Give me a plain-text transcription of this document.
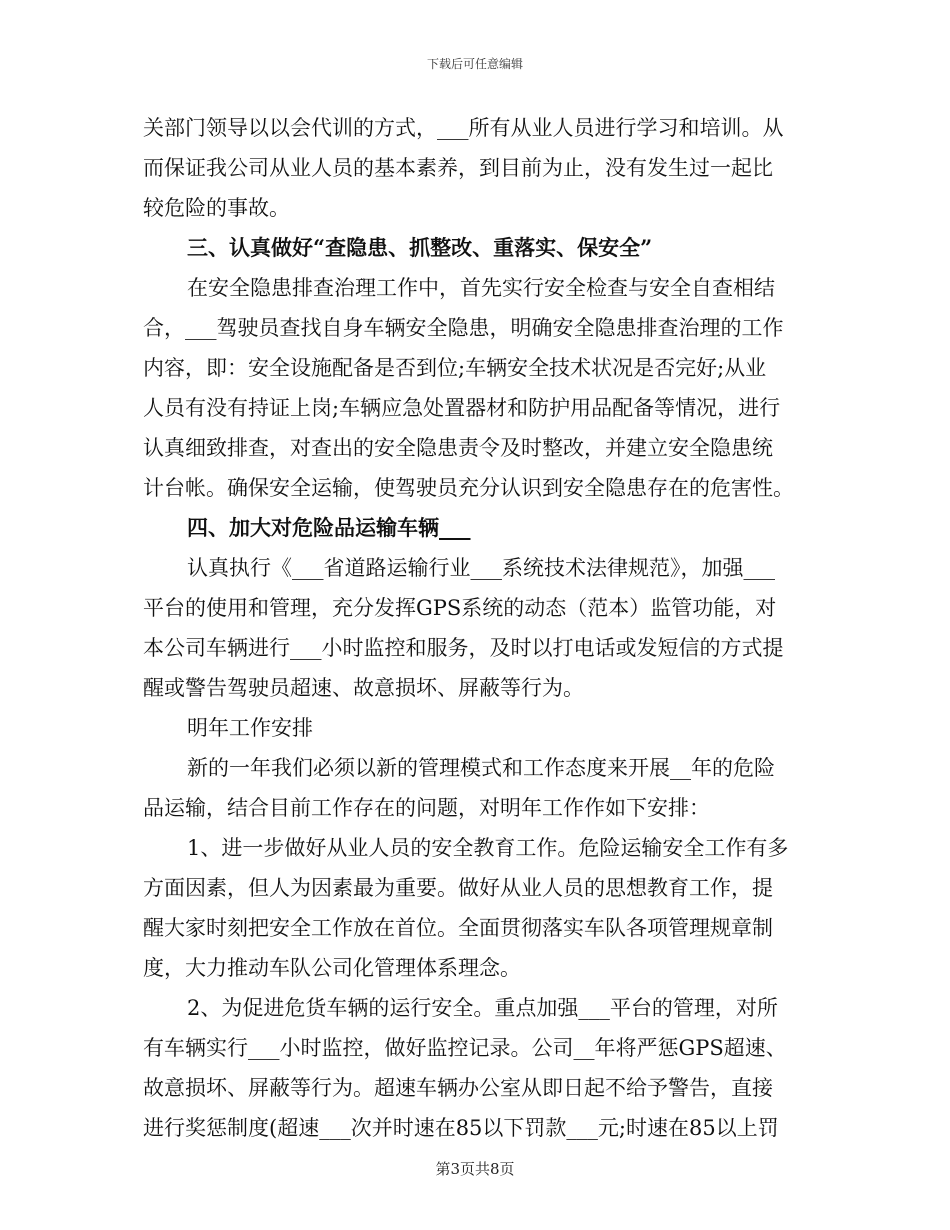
下载后可任意编辑
关部门领导以以会代训的方式，___所有从业人员进行学习和培训。从
而保证我公司从业人员的基本素养，到目前为止，没有发生过一起比
较危险的事故。
三、认真做好“查隐患、抓整改、重落实、保安全”
在安全隐患排查治理工作中，首先实行安全检查与安全自查相结
合，___驾驶员查找自身车辆安全隐患，明确安全隐患排查治理的工作
内容，即：安全设施配备是否到位;车辆安全技术状况是否完好;从业
人员有没有持证上岗;车辆应急处置器材和防护用品配备等情况，进行
认真细致排查，对查出的安全隐患责令及时整改，并建立安全隐患统
计台帐。确保安全运输，使驾驶员充分认识到安全隐患存在的危害性。
四、加大对危险品运输车辆___
认真执行《___省道路运输行业___系统技术法律规范》，加强___
平台的使用和管理，充分发挥GPS系统的动态（范本）监管功能，对
本公司车辆进行___小时监控和服务，及时以打电话或发短信的方式提
醒或警告驾驶员超速、故意损坏、屏蔽等行为。
明年工作安排
新的一年我们必须以新的管理模式和工作态度来开展__年的危险
品运输，结合目前工作存在的问题，对明年工作作如下安排：
1、进一步做好从业人员的安全教育工作。危险运输安全工作有多
方面因素，但人为因素最为重要。做好从业人员的思想教育工作，提
醒大家时刻把安全工作放在首位。全面贯彻落实车队各项管理规章制
度，大力推动车队公司化管理体系理念。
2、为促进危货车辆的运行安全。重点加强___平台的管理，对所
有车辆实行___小时监控，做好监控记录。公司__年将严惩GPS超速、
故意损坏、屏蔽等行为。超速车辆办公室从即日起不给予警告，直接
进行奖惩制度(超速___次并时速在85以下罚款___元;时速在85以上罚
第3页共8页
